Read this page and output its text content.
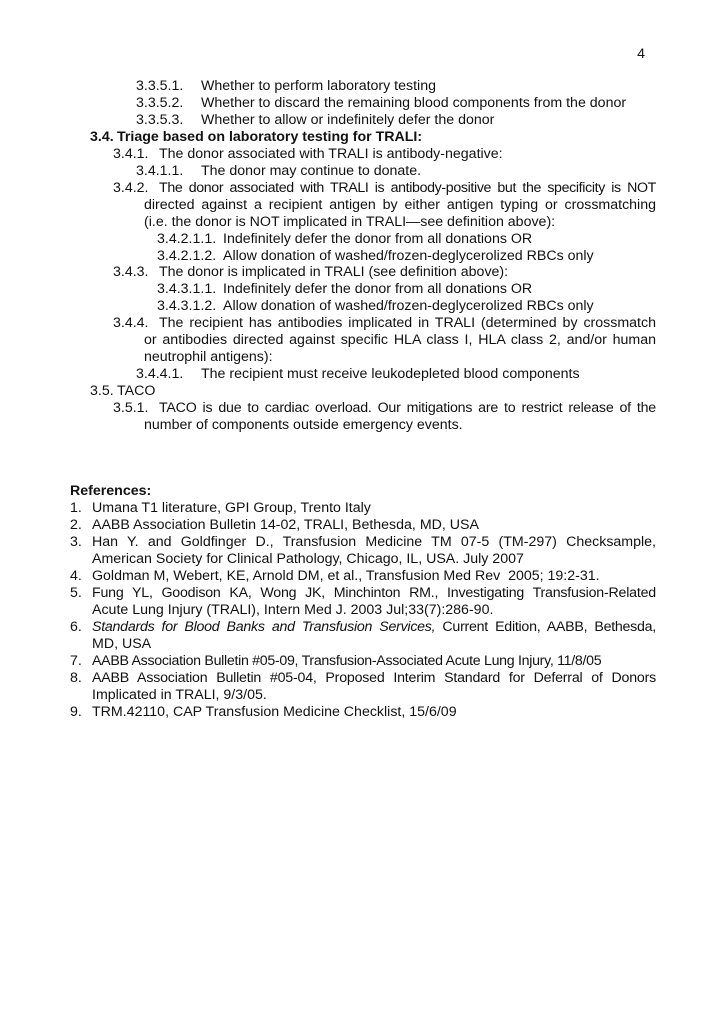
4
3.3.5.1. Whether to perform laboratory testing
3.3.5.2. Whether to discard the remaining blood components from the donor
3.3.5.3. Whether to allow or indefinitely defer the donor
3.4. Triage based on laboratory testing for TRALI:
3.4.1. The donor associated with TRALI is antibody-negative:
3.4.1.1. The donor may continue to donate.
3.4.2. The donor associated with TRALI is antibody-positive but the specificity is NOT
directed against a recipient antigen by either antigen typing or crossmatching
(i.e. the donor is NOT implicated in TRALI—see definition above):
3.4.2.1.1. Indefinitely defer the donor from all donations OR
3.4.2.1.2. Allow donation of washed/frozen-deglycerolized RBCs only
3.4.3. The donor is implicated in TRALI (see definition above):
3.4.3.1.1. Indefinitely defer the donor from all donations OR
3.4.3.1.2. Allow donation of washed/frozen-deglycerolized RBCs only
3.4.4. The recipient has antibodies implicated in TRALI (determined by crossmatch
or antibodies directed against specific HLA class I, HLA class 2, and/or human
neutrophil antigens):
3.4.4.1. The recipient must receive leukodepleted blood components
3.5. TACO
3.5.1. TACO is due to cardiac overload. Our mitigations are to restrict release of the
number of components outside emergency events.
References:
1. Umana T1 literature, GPI Group, Trento Italy
2. AABB Association Bulletin 14-02, TRALI, Bethesda, MD, USA
3. Han Y. and Goldfinger D., Transfusion Medicine TM 07-5 (TM-297) Checksample,
American Society for Clinical Pathology, Chicago, IL, USA. July 2007
4. Goldman M, Webert, KE, Arnold DM, et al., Transfusion Med Rev  2005; 19:2-31.
5. Fung YL, Goodison KA, Wong JK, Minchinton RM., Investigating Transfusion-Related
Acute Lung Injury (TRALI), Intern Med J. 2003 Jul;33(7):286-90.
6. Standards for Blood Banks and Transfusion Services, Current Edition, AABB, Bethesda,
MD, USA
7. AABB Association Bulletin #05-09, Transfusion-Associated Acute Lung Injury, 11/8/05
8. AABB Association Bulletin #05-04, Proposed Interim Standard for Deferral of Donors
Implicated in TRALI, 9/3/05.
9. TRM.42110, CAP Transfusion Medicine Checklist, 15/6/09
